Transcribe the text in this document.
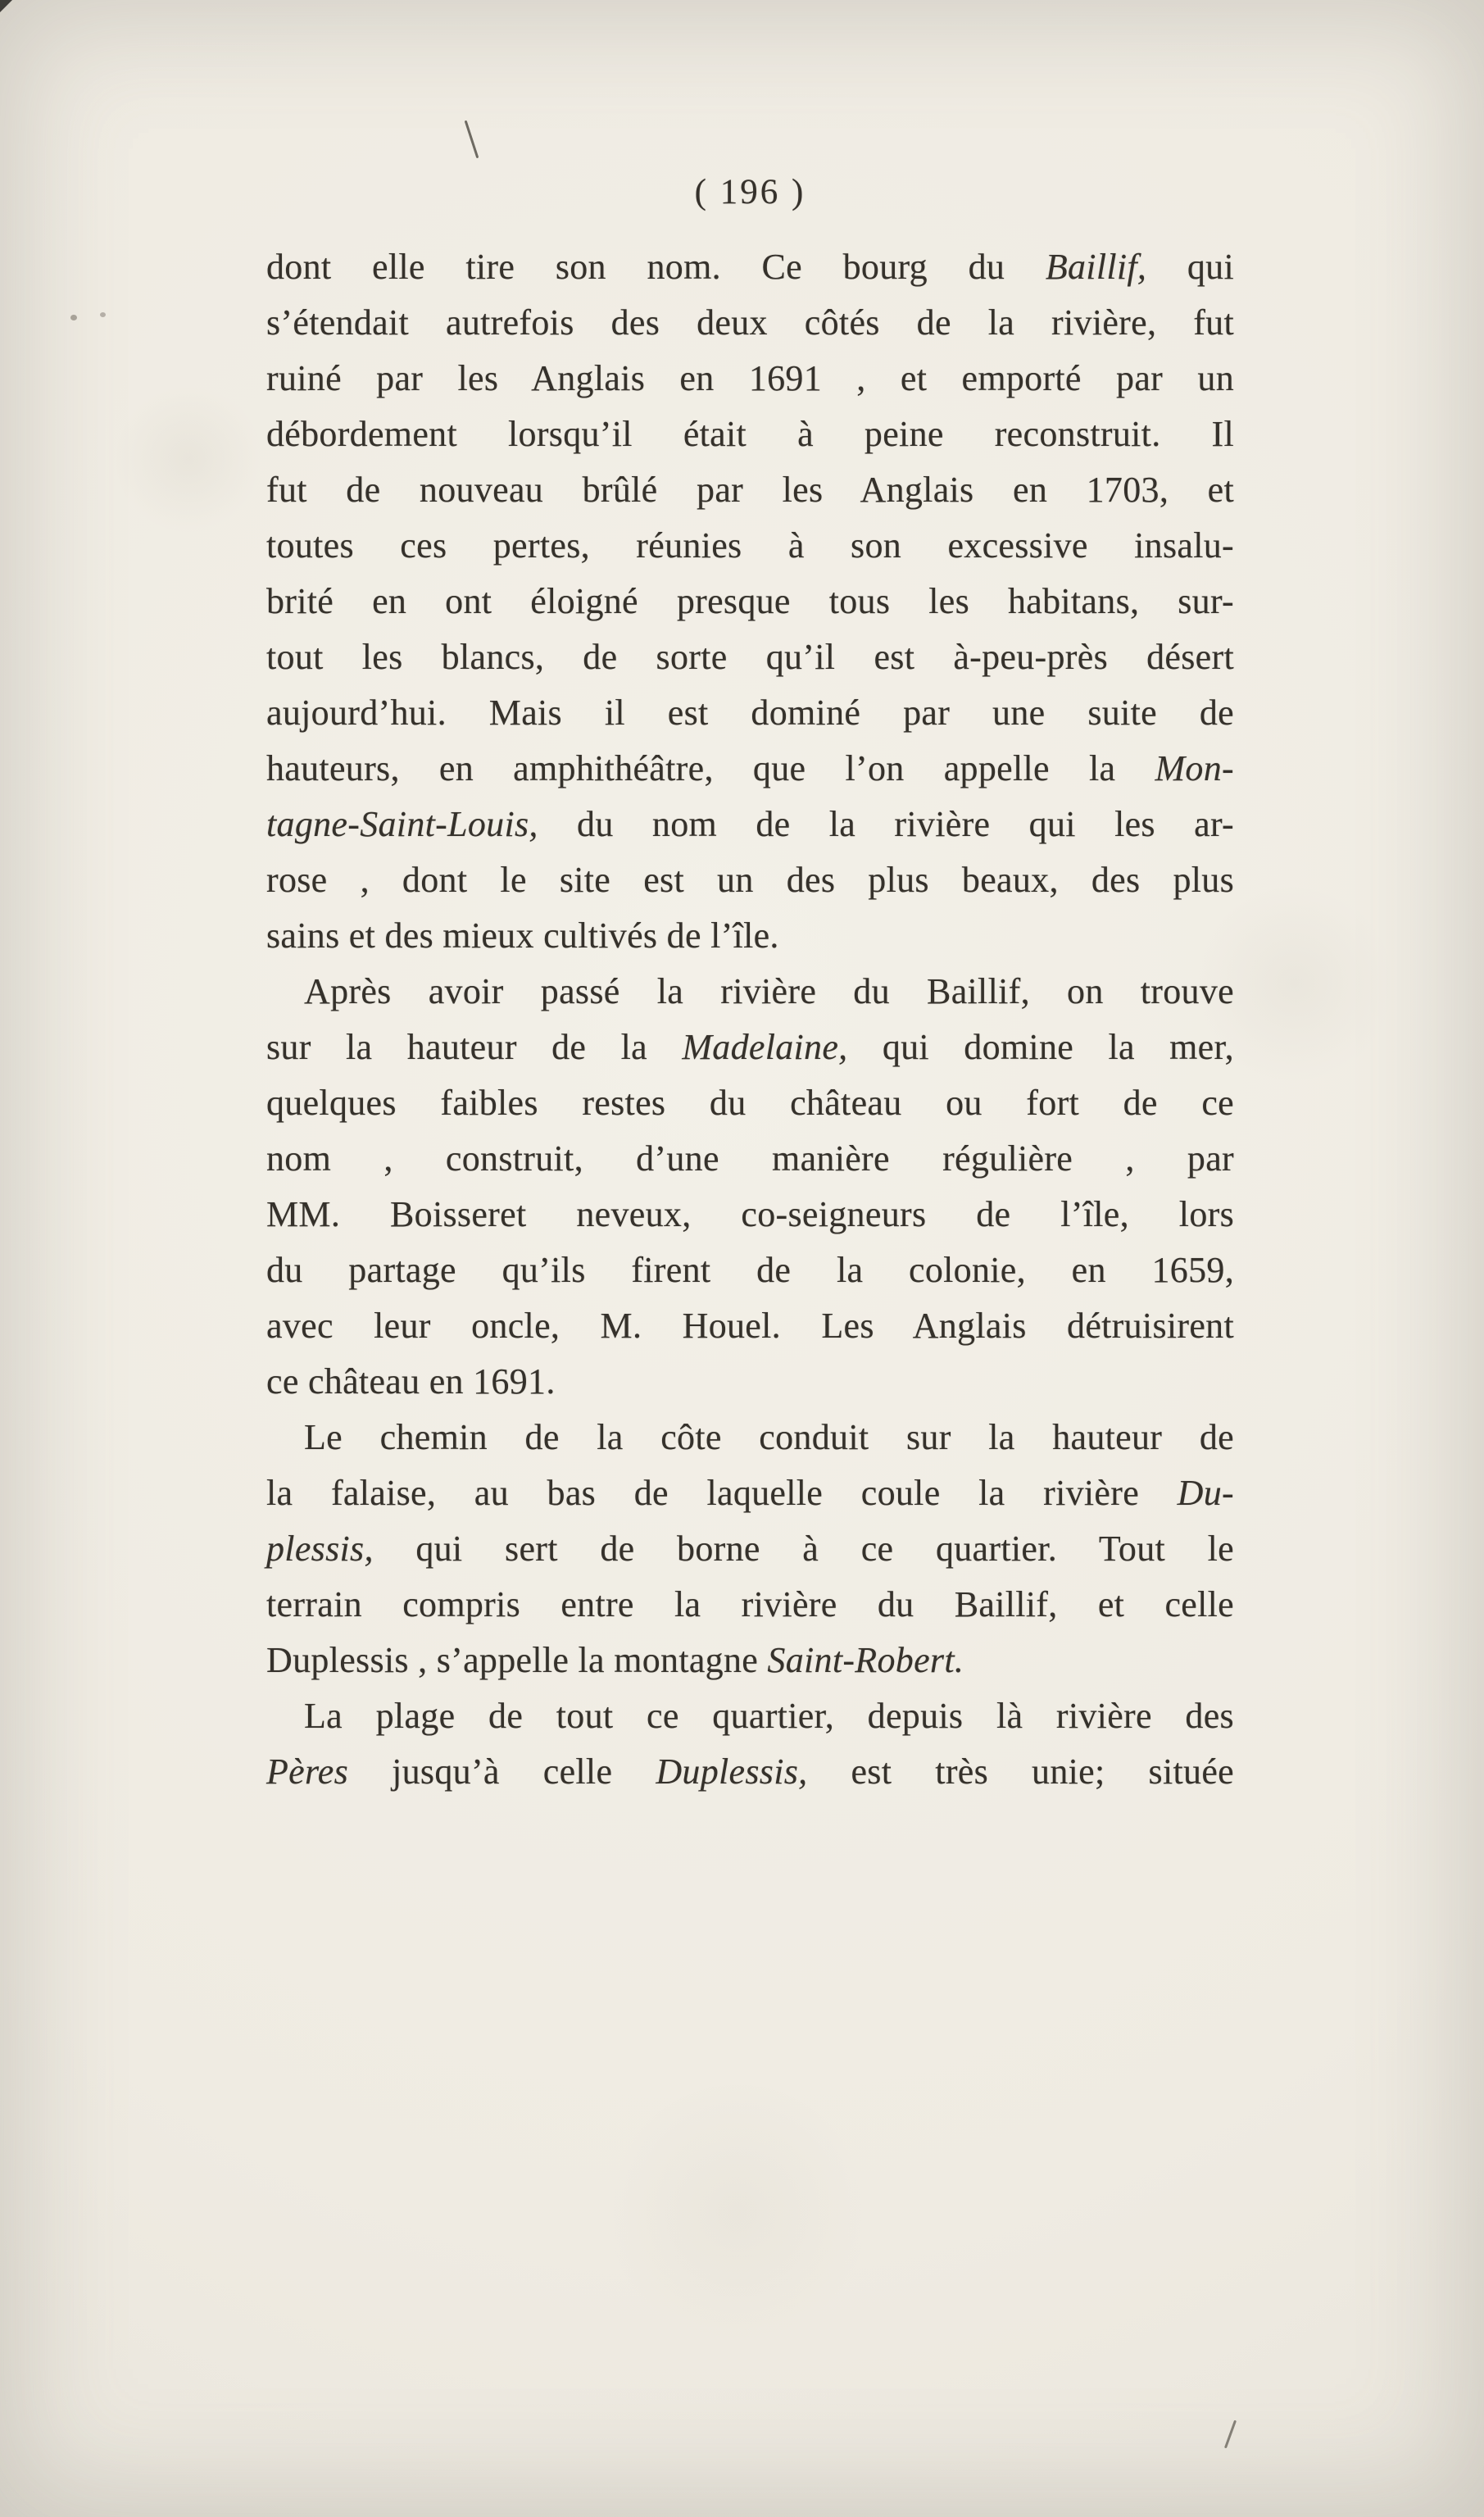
( 196 )
dont elle tire son nom. Ce bourg du Baillif, qui
s’étendait autrefois des deux côtés de la rivière, fut
ruiné par les Anglais en 1691 , et emporté par un
débordement lorsqu’il était à peine reconstruit. Il
fut de nouveau brûlé par les Anglais en 1703, et
toutes ces pertes, réunies à son excessive insalu-
brité en ont éloigné presque tous les habitans, sur-
tout les blancs, de sorte qu’il est à-peu-près désert
aujourd’hui. Mais il est dominé par une suite de
hauteurs, en amphithéâtre, que l’on appelle la Mon-
tagne-Saint-Louis, du nom de la rivière qui les ar-
rose , dont le site est un des plus beaux, des plus
sains et des mieux cultivés de l’île.
Après avoir passé la rivière du Baillif, on trouve
sur la hauteur de la Madelaine, qui domine la mer,
quelques faibles restes du château ou fort de ce
nom , construit, d’une manière régulière , par
MM. Boisseret neveux, co-seigneurs de l’île, lors
du partage qu’ils firent de la colonie, en 1659,
avec leur oncle, M. Houel. Les Anglais détruisirent
ce château en 1691.
Le chemin de la côte conduit sur la hauteur de
la falaise, au bas de laquelle coule la rivière Du-
plessis, qui sert de borne à ce quartier. Tout le
terrain compris entre la rivière du Baillif, et celle
Duplessis , s’appelle la montagne Saint-Robert.
La plage de tout ce quartier, depuis là rivière des
Pères jusqu’à celle Duplessis, est très unie; située
